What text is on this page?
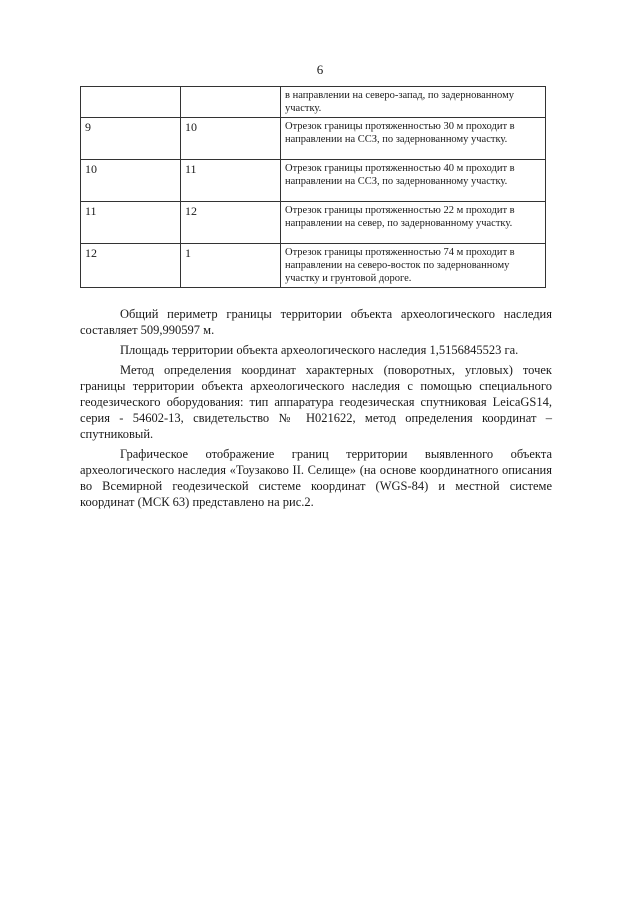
6
		в направлении на северо-запад, по задернованному участку.
9	10	Отрезок границы протяженностью 30 м проходит в направлении на ССЗ, по задернованному участку.
10	11	Отрезок границы протяженностью 40 м проходит в направлении на ССЗ, по задернованному участку.
11	12	Отрезок границы протяженностью 22 м проходит в направлении на север, по задернованному участку.
12	1	Отрезок границы протяженностью 74 м проходит в направлении на северо-восток по задернованному участку и грунтовой дороге.

Общий периметр границы территории объекта археологического наследия составляет 509,990597 м.

Площадь территории объекта археологического наследия 1,5156845523 га.

Метод определения координат характерных (поворотных, угловых) точек границы территории объекта археологического наследия с помощью специального геодезического оборудования: тип аппаратура геодезическая спутниковая LeicaGS14, серия - 54602-13, свидетельство № Н021622, метод определения координат – спутниковый.

Графическое отображение границ территории выявленного объекта археологического наследия «Тоузаково II. Селище» (на основе координатного описания во Всемирной геодезической системе координат (WGS-84) и местной системе координат (МСК 63) представлено на рис.2.
